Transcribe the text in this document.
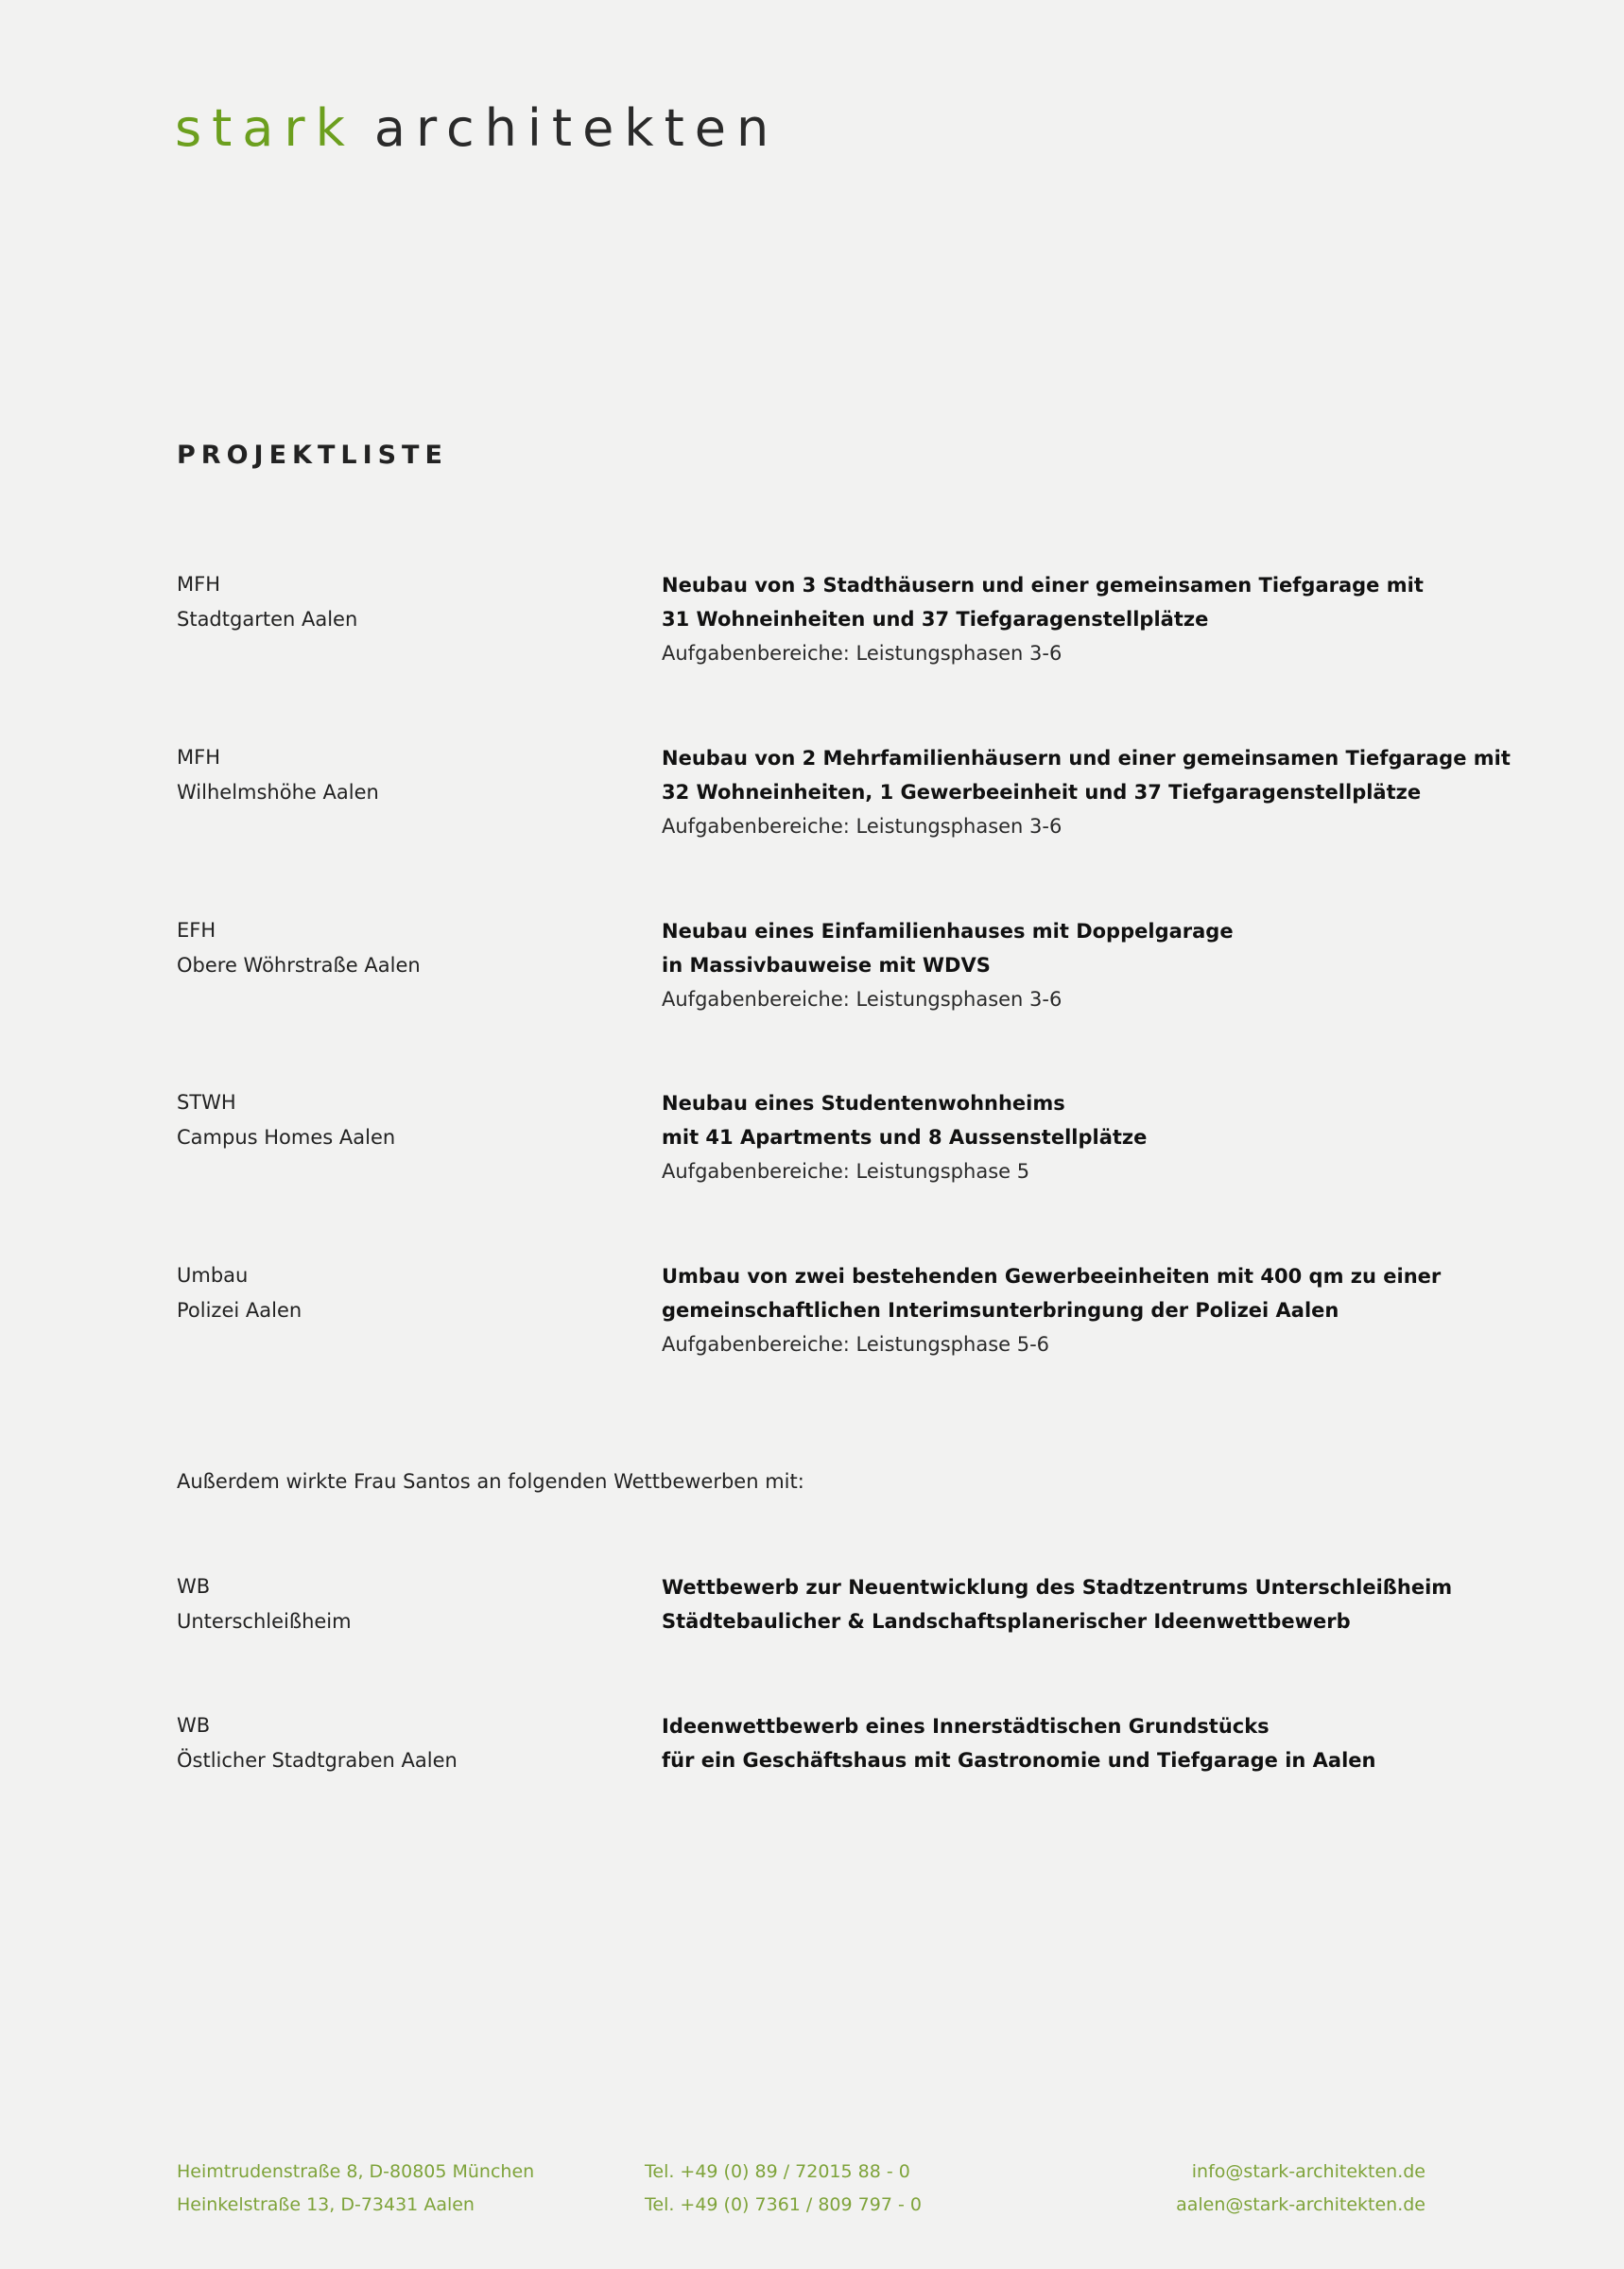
stark architekten
PROJEKTLISTE
MFH
Stadtgarten Aalen
Neubau von 3 Stadthäusern und einer gemeinsamen Tiefgarage mit
31 Wohneinheiten und 37 Tiefgaragenstellplätze
Aufgabenbereiche: Leistungsphasen 3-6
MFH
Wilhelmshöhe Aalen
Neubau von 2 Mehrfamilienhäusern und einer gemeinsamen Tiefgarage mit
32 Wohneinheiten, 1 Gewerbeeinheit und 37 Tiefgaragenstellplätze
Aufgabenbereiche: Leistungsphasen 3-6
EFH
Obere Wöhrstraße Aalen
Neubau eines Einfamilienhauses mit Doppelgarage
in Massivbauweise mit WDVS
Aufgabenbereiche: Leistungsphasen 3-6
STWH
Campus Homes Aalen
Neubau eines Studentenwohnheims
mit 41 Apartments und 8 Aussenstellplätze
Aufgabenbereiche: Leistungsphase 5
Umbau
Polizei Aalen
Umbau von zwei bestehenden Gewerbeeinheiten mit 400 qm zu einer
gemeinschaftlichen Interimsunterbringung der Polizei Aalen
Aufgabenbereiche: Leistungsphase 5-6
Außerdem wirkte Frau Santos an folgenden Wettbewerben mit:
WB
Unterschleißheim
Wettbewerb zur Neuentwicklung des Stadtzentrums Unterschleißheim
Städtebaulicher & Landschaftsplanerischer Ideenwettbewerb
WB
Östlicher Stadtgraben Aalen
Ideenwettbewerb eines Innerstädtischen Grundstücks
für ein Geschäftshaus mit Gastronomie und Tiefgarage in Aalen
Heimtrudenstraße 8, D-80805 München
Heinkelstraße 13, D-73431 Aalen
Tel. +49 (0) 89 / 72015 88 - 0
Tel. +49 (0) 7361 / 809 797 - 0
info@stark-architekten.de
aalen@stark-architekten.de
